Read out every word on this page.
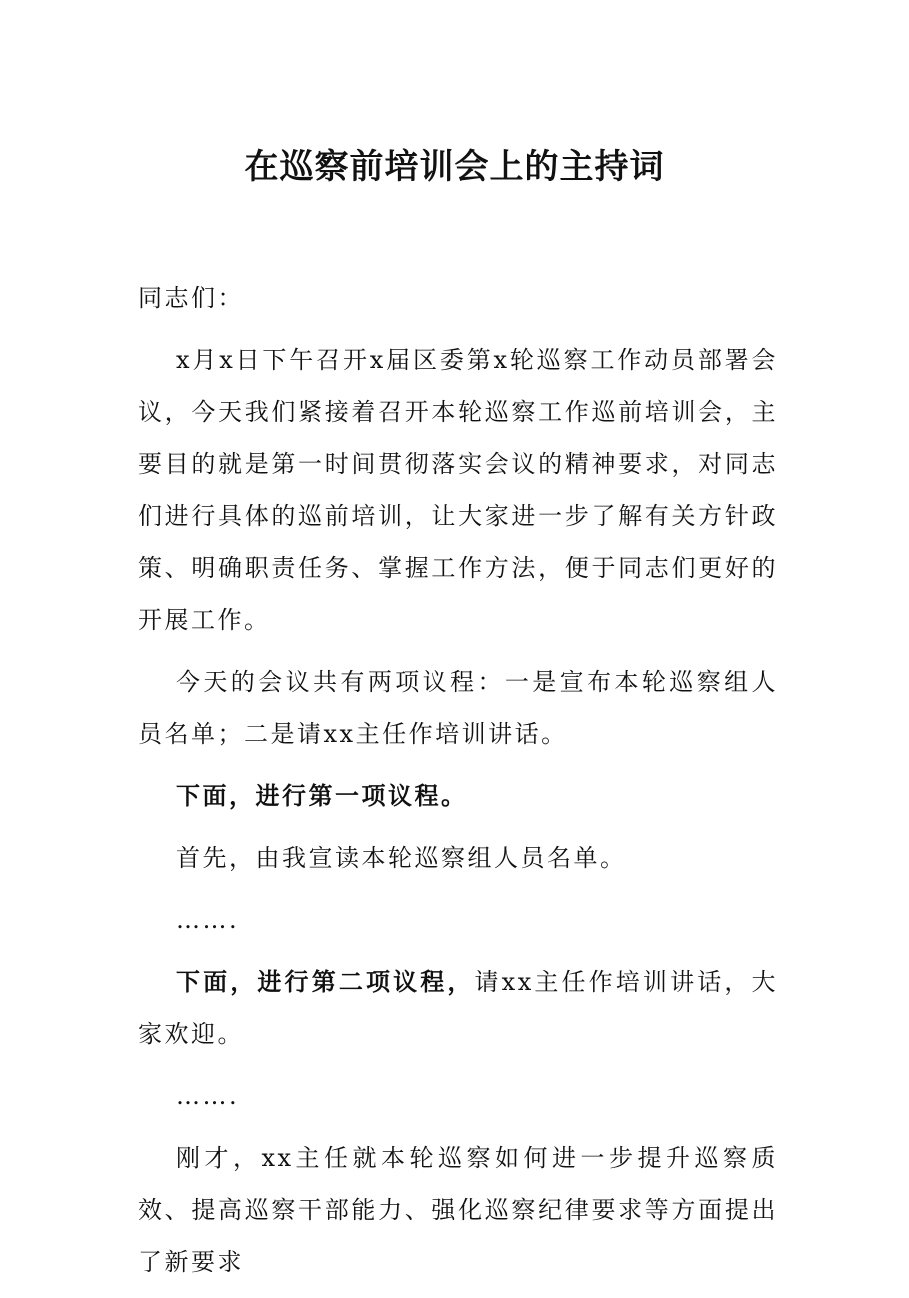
在巡察前培训会上的主持词

同志们：

x月x日下午召开x届区委第x轮巡察工作动员部署会议，今天我们紧接着召开本轮巡察工作巡前培训会，主要目的就是第一时间贯彻落实会议的精神要求，对同志们进行具体的巡前培训，让大家进一步了解有关方针政策、明确职责任务、掌握工作方法，便于同志们更好的开展工作。

今天的会议共有两项议程：一是宣布本轮巡察组人员名单；二是请xx主任作培训讲话。

下面，进行第一项议程。

首先，由我宣读本轮巡察组人员名单。

…….

下面，进行第二项议程，请xx主任作培训讲话，大家欢迎。

…….

刚才，xx主任就本轮巡察如何进一步提升巡察质效、提高巡察干部能力、强化巡察纪律要求等方面提出了新要求
